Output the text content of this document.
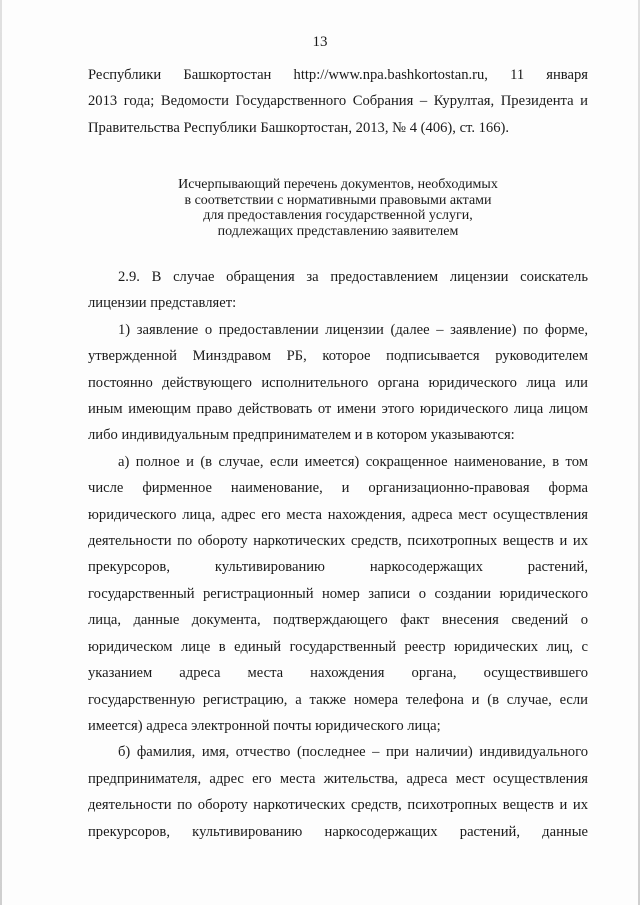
13

Республики Башкортостан http://www.npa.bashkortostan.ru, 11 января
2013 года; Ведомости Государственного Собрания – Курултая, Президента и
Правительства Республики Башкортостан, 2013, № 4 (406), ст. 166).

Исчерпывающий перечень документов, необходимых
в соответствии с нормативными правовыми актами
для предоставления государственной услуги,
подлежащих представлению заявителем
2.9. В случае обращения за предоставлением лицензии соискатель
лицензии представляет:
1) заявление о предоставлении лицензии (далее – заявление) по форме,
утвержденной Минздравом РБ, которое подписывается руководителем
постоянно действующего исполнительного органа юридического лица или
иным имеющим право действовать от имени этого юридического лица лицом
либо индивидуальным предпринимателем и в котором указываются:
а) полное и (в случае, если имеется) сокращенное наименование, в том
числе фирменное наименование, и организационно-правовая форма
юридического лица, адрес его места нахождения, адреса мест осуществления
деятельности по обороту наркотических средств, психотропных веществ и их
прекурсоров, культивированию наркосодержащих растений,
государственный регистрационный номер записи о создании юридического
лица, данные документа, подтверждающего факт внесения сведений о
юридическом лице в единый государственный реестр юридических лиц, с
указанием адреса места нахождения органа, осуществившего
государственную регистрацию, а также номера телефона и (в случае, если
имеется) адреса электронной почты юридического лица;
б) фамилия, имя, отчество (последнее – при наличии) индивидуального
предпринимателя, адрес его места жительства, адреса мест осуществления
деятельности по обороту наркотических средств, психотропных веществ и их
прекурсоров, культивированию наркосодержащих растений, данные
